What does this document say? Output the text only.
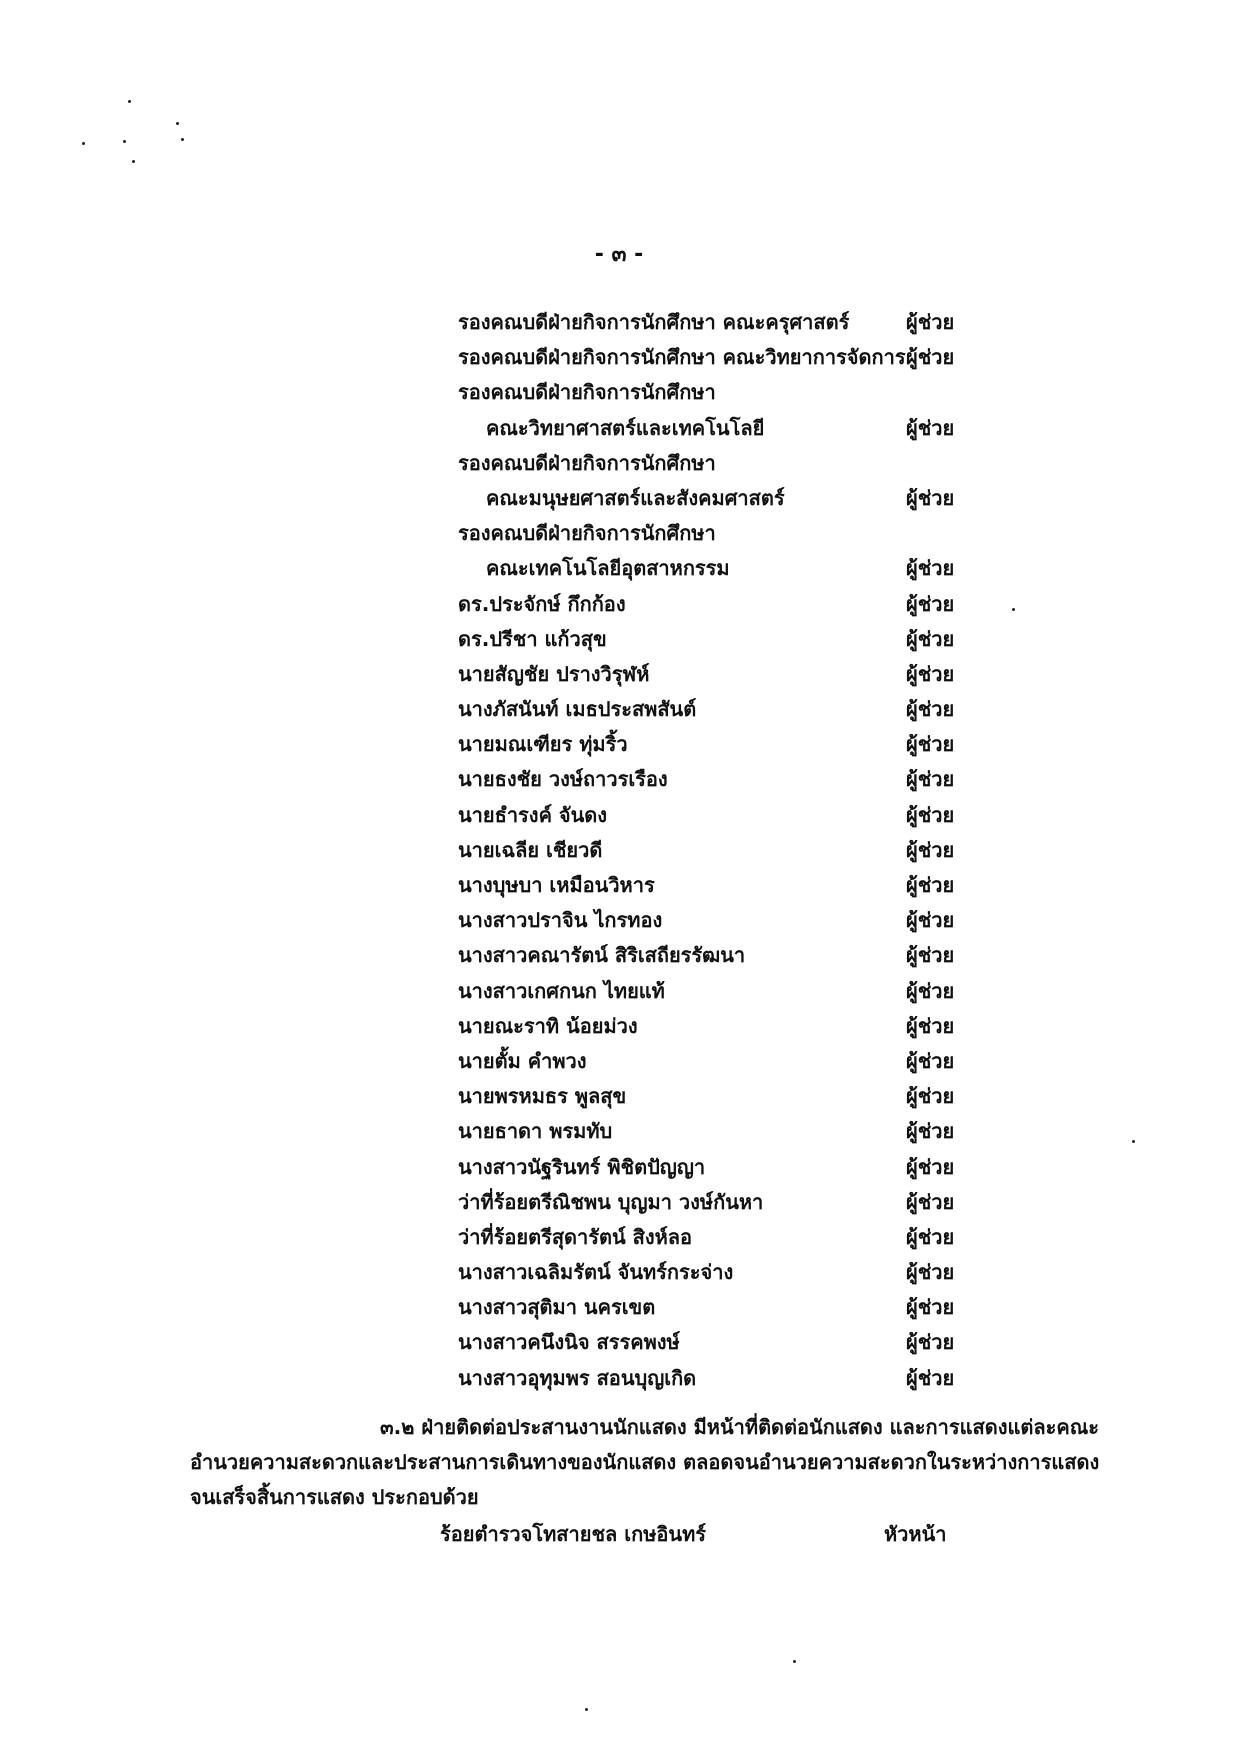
- ๓ -
รองคณบดีฝ่ายกิจการนักศึกษา คณะครุศาสตร์	ผู้ช่วย
รองคณบดีฝ่ายกิจการนักศึกษา คณะวิทยาการจัดการ ผู้ช่วย
รองคณบดีฝ่ายกิจการนักศึกษา
คณะวิทยาศาสตร์และเทคโนโลยี	ผู้ช่วย
รองคณบดีฝ่ายกิจการนักศึกษา
คณะมนุษยศาสตร์และสังคมศาสตร์	ผู้ช่วย
รองคณบดีฝ่ายกิจการนักศึกษา
คณะเทคโนโลยีอุตสาหกรรม	ผู้ช่วย
ดร.ประจักษ์ กึกก้อง	ผู้ช่วย
ดร.ปรีชา แก้วสุข	ผู้ช่วย
นายสัญชัย ปรางวิรุฬห์	ผู้ช่วย
นางภัสนันท์ เมธประสพสันต์	ผู้ช่วย
นายมณเฑียร ทุ่มริ้ว	ผู้ช่วย
นายธงชัย วงษ์ถาวรเรือง	ผู้ช่วย
นายธำรงค์ จันดง	ผู้ช่วย
นายเฉลีย เชียวดี	ผู้ช่วย
นางบุษบา เหมือนวิหาร	ผู้ช่วย
นางสาวปราจิน ไกรทอง	ผู้ช่วย
นางสาวคณารัตน์ สิริเสถียรรัฒนา	ผู้ช่วย
นางสาวเกศกนก ไทยแท้	ผู้ช่วย
นายณะราทิ น้อยม่วง	ผู้ช่วย
นายตั้ม คำพวง	ผู้ช่วย
นายพรหมธร พูลสุข	ผู้ช่วย
นายธาดา พรมทับ	ผู้ช่วย
นางสาวนัฐรินทร์ พิชิตปัญญา	ผู้ช่วย
ว่าที่ร้อยตรีณิชพน บุญมา วงษ์กันหา	ผู้ช่วย
ว่าที่ร้อยตรีสุดารัตน์ สิงห์ลอ	ผู้ช่วย
นางสาวเฉลิมรัตน์ จันทร์กระจ่าง	ผู้ช่วย
นางสาวสุติมา นครเขต	ผู้ช่วย
นางสาวคนึงนิจ สรรคพงษ์	ผู้ช่วย
นางสาวอุทุมพร สอนบุญเกิด	ผู้ช่วย
๓.๒ ฝ่ายติดต่อประสานงานนักแสดง มีหน้าที่ติดต่อนักแสดง และการแสดงแต่ละคณะ
อำนวยความสะดวกและประสานการเดินทางของนักแสดง ตลอดจนอำนวยความสะดวกในระหว่างการแสดง
จนเสร็จสิ้นการแสดง ประกอบด้วย
ร้อยตำรวจโทสายชล เกษอินทร์	หัวหน้า
